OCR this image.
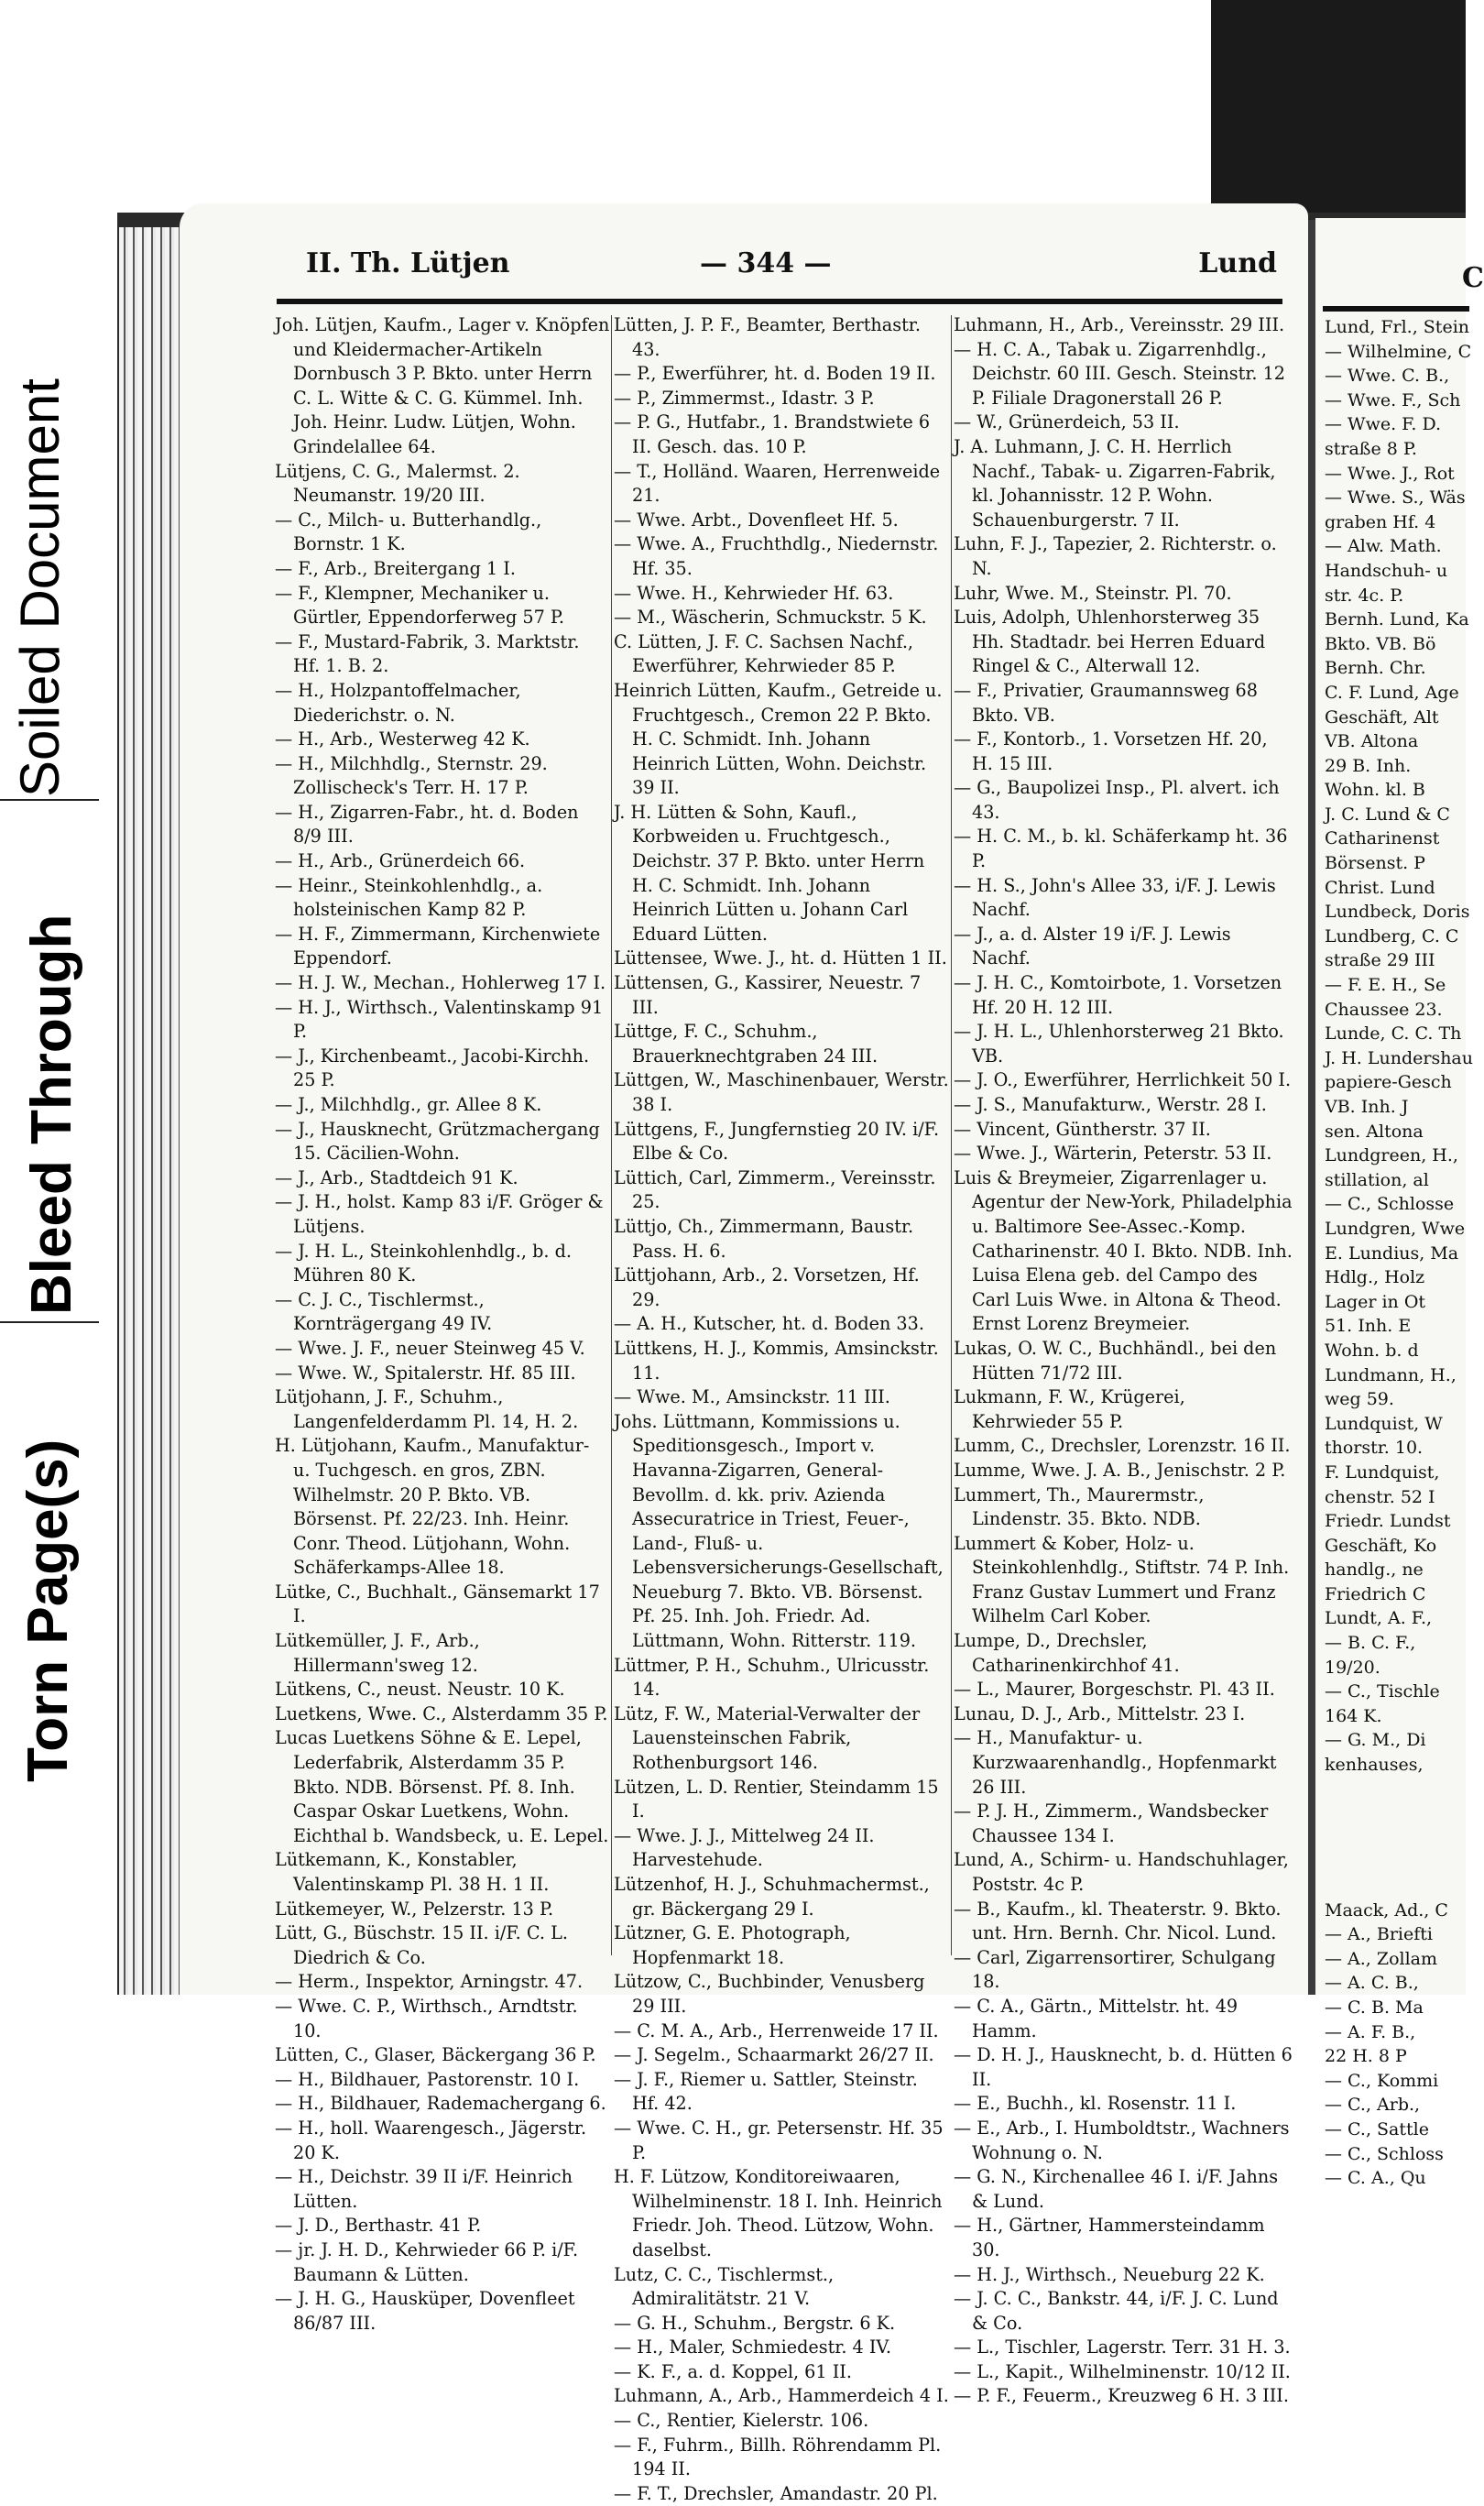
Torn Page(s)
Bleed Through
Soiled Document
II. Th. Lütjen	— 344 —	Lund
Joh. Lütjen, Kaufm., Lager v. Knöpfen und Kleidermacher-Artikeln Dornbusch 3 P. Bkto. unter Herrn C. L. Witte & C. G. Kümmel. Inh. Joh. Heinr. Ludw. Lütjen, Wohn. Grindelallee 64.
Lütjens, C. G., Malermst. 2. Neumanstr. 19/20 III.
— C., Milch- u. Butterhandlg., Bornstr. 1 K.
— F., Arb., Breitergang 1 I.
— F., Klempner, Mechaniker u. Gürtler, Eppendorferweg 57 P.
— F., Mustard-Fabrik, 3. Marktstr. Hf. 1. B. 2.
— H., Holzpantoffelmacher, Diederichstr. o. N.
— H., Arb., Westerweg 42 K.
— H., Milchhdlg., Sternstr. 29. Zollischeck's Terr. H. 17 P.
— H., Zigarren-Fabr., ht. d. Boden 8/9 III.
— H., Arb., Grünerdeich 66.
— Heinr., Steinkohlenhdlg., a. holsteinischen Kamp 82 P.
— H. F., Zimmermann, Kirchenwiete Eppendorf.
— H. J. W., Mechan., Hohlerweg 17 I.
— H. J., Wirthsch., Valentinskamp 91 P.
— J., Kirchenbeamt., Jacobi-Kirchh. 25 P.
— J., Milchhdlg., gr. Allee 8 K.
— J., Hausknecht, Grützmachergang 15. Cäcilien-Wohn.
— J., Arb., Stadtdeich 91 K.
— J. H., holst. Kamp 83 i/F. Gröger & Lütjens.
— J. H. L., Steinkohlenhdlg., b. d. Mühren 80 K.
— C. J. C., Tischlermst., Kornträgergang 49 IV.
— Wwe. J. F., neuer Steinweg 45 V.
— Wwe. W., Spitalerstr. Hf. 85 III.
Lütjohann, J. F., Schuhm., Langenfelderdamm Pl. 14, H. 2.
H. Lütjohann, Kaufm., Manufaktur- u. Tuchgesch. en gros, ZBN. Wilhelmstr. 20 P. Bkto. VB. Börsenst. Pf. 22/23. Inh. Heinr. Conr. Theod. Lütjohann, Wohn. Schäferkamps-Allee 18.
Lütke, C., Buchhalt., Gänsemarkt 17 I.
Lütkemüller, J. F., Arb., Hillermann'sweg 12.
Lütkens, C., neust. Neustr. 10 K.
Luetkens, Wwe. C., Alsterdamm 35 P.
Lucas Luetkens Söhne & E. Lepel, Lederfabrik, Alsterdamm 35 P. Bkto. NDB. Börsenst. Pf. 8. Inh. Caspar Oskar Luetkens, Wohn. Eichthal b. Wandsbeck, u. E. Lepel.
Lütkemann, K., Konstabler, Valentinskamp Pl. 38 H. 1 II.
Lütkemeyer, W., Pelzerstr. 13 P.
Lütt, G., Büschstr. 15 II. i/F. C. L. Diedrich & Co.
— Herm., Inspektor, Arningstr. 47.
— Wwe. C. P., Wirthsch., Arndtstr. 10.
Lütten, C., Glaser, Bäckergang 36 P.
— H., Bildhauer, Pastorenstr. 10 I.
— H., Bildhauer, Rademachergang 6.
— H., holl. Waarengesch., Jägerstr. 20 K.
— H., Deichstr. 39 II i/F. Heinrich Lütten.
— J. D., Berthastr. 41 P.
— jr. J. H. D., Kehrwieder 66 P. i/F. Baumann & Lütten.
— J. H. G., Hausküper, Dovenfleet 86/87 III.
Lütten, J. P. F., Beamter, Berthastr. 43.
— P., Ewerführer, ht. d. Boden 19 II.
— P., Zimmermst., Idastr. 3 P.
— P. G., Hutfabr., 1. Brandstwiete 6 II. Gesch. das. 10 P.
— T., Holländ. Waaren, Herrenweide 21.
— Wwe. Arbt., Dovenfleet Hf. 5.
— Wwe. A., Fruchthdlg., Niedernstr. Hf. 35.
— Wwe. H., Kehrwieder Hf. 63.
— M., Wäscherin, Schmuckstr. 5 K.
C. Lütten, J. F. C. Sachsen Nachf., Ewerführer, Kehrwieder 85 P.
Heinrich Lütten, Kaufm., Getreide u. Fruchtgesch., Cremon 22 P. Bkto. H. C. Schmidt. Inh. Johann Heinrich Lütten, Wohn. Deichstr. 39 II.
J. H. Lütten & Sohn, Kaufl., Korbweiden u. Fruchtgesch., Deichstr. 37 P. Bkto. unter Herrn H. C. Schmidt. Inh. Johann Heinrich Lütten u. Johann Carl Eduard Lütten.
Lüttensee, Wwe. J., ht. d. Hütten 1 II.
Lüttensen, G., Kassirer, Neuestr. 7 III.
Lüttge, F. C., Schuhm., Brauerknechtgraben 24 III.
Lüttgen, W., Maschinenbauer, Werstr. 38 I.
Lüttgens, F., Jungfernstieg 20 IV. i/F. Elbe & Co.
Lüttich, Carl, Zimmerm., Vereinsstr. 25.
Lüttjo, Ch., Zimmermann, Baustr. Pass. H. 6.
Lüttjohann, Arb., 2. Vorsetzen, Hf. 29.
— A. H., Kutscher, ht. d. Boden 33.
Lüttkens, H. J., Kommis, Amsinckstr. 11.
— Wwe. M., Amsinckstr. 11 III.
Johs. Lüttmann, Kommissions u. Speditionsgesch., Import v. Havanna-Zigarren, General-Bevollm. d. kk. priv. Azienda Assecuratrice in Triest, Feuer-, Land-, Fluß- u. Lebensversicherungs-Gesellschaft, Neueburg 7. Bkto. VB. Börsenst. Pf. 25. Inh. Joh. Friedr. Ad. Lüttmann, Wohn. Ritterstr. 119.
Lüttmer, P. H., Schuhm., Ulricusstr. 14.
Lütz, F. W., Material-Verwalter der Lauensteinschen Fabrik, Rothenburgsort 146.
Lützen, L. D. Rentier, Steindamm 15 I.
— Wwe. J. J., Mittelweg 24 II. Harvestehude.
Lützenhof, H. J., Schuhmachermst., gr. Bäckergang 29 I.
Lützner, G. E. Photograph, Hopfenmarkt 18.
Lützow, C., Buchbinder, Venusberg 29 III.
— C. M. A., Arb., Herrenweide 17 II.
— J. Segelm., Schaarmarkt 26/27 II.
— J. F., Riemer u. Sattler, Steinstr. Hf. 42.
— Wwe. C. H., gr. Petersenstr. Hf. 35 P.
H. F. Lützow, Konditoreiwaaren, Wilhelminenstr. 18 I. Inh. Heinrich Friedr. Joh. Theod. Lützow, Wohn. daselbst.
Lutz, C. C., Tischlermst., Admiralitätstr. 21 V.
— G. H., Schuhm., Bergstr. 6 K.
— H., Maler, Schmiedestr. 4 IV.
— K. F., a. d. Koppel, 61 II.
Luhmann, A., Arb., Hammerdeich 4 I.
— C., Rentier, Kielerstr. 106.
— F., Fuhrm., Billh. Röhrendamm Pl. 194 II.
— F. T., Drechsler, Amandastr. 20 Pl.
Luhmann, H., Arb., Vereinsstr. 29 III.
— H. C. A., Tabak u. Zigarrenhdlg., Deichstr. 60 III. Gesch. Steinstr. 12 P. Filiale Dragonerstall 26 P.
— W., Grünerdeich, 53 II.
J. A. Luhmann, J. C. H. Herrlich Nachf., Tabak- u. Zigarren-Fabrik, kl. Johannisstr. 12 P. Wohn. Schauenburgerstr. 7 II.
Luhn, F. J., Tapezier, 2. Richterstr. o. N.
Luhr, Wwe. M., Steinstr. Pl. 70.
Luis, Adolph, Uhlenhorsterweg 35 Hh. Stadtadr. bei Herren Eduard Ringel & C., Alterwall 12.
— F., Privatier, Graumannsweg 68 Bkto. VB.
— F., Kontorb., 1. Vorsetzen Hf. 20, H. 15 III.
— G., Baupolizei Insp., Pl. alvert. ich 43.
— H. C. M., b. kl. Schäferkamp ht. 36 P.
— H. S., John's Allee 33, i/F. J. Lewis Nachf.
— J., a. d. Alster 19 i/F. J. Lewis Nachf.
— J. H. C., Komtoirbote, 1. Vorsetzen Hf. 20 H. 12 III.
— J. H. L., Uhlenhorsterweg 21 Bkto. VB.
— J. O., Ewerführer, Herrlichkeit 50 I.
— J. S., Manufakturw., Werstr. 28 I.
— Vincent, Güntherstr. 37 II.
— Wwe. J., Wärterin, Peterstr. 53 II.
Luis & Breymeier, Zigarrenlager u. Agentur der New-York, Philadelphia u. Baltimore See-Assec.-Komp. Catharinenstr. 40 I. Bkto. NDB. Inh. Luisa Elena geb. del Campo des Carl Luis Wwe. in Altona & Theod. Ernst Lorenz Breymeier.
Lukas, O. W. C., Buchhändl., bei den Hütten 71/72 III.
Lukmann, F. W., Krügerei, Kehrwieder 55 P.
Lumm, C., Drechsler, Lorenzstr. 16 II.
Lumme, Wwe. J. A. B., Jenischstr. 2 P.
Lummert, Th., Maurermstr., Lindenstr. 35. Bkto. NDB.
Lummert & Kober, Holz- u. Steinkohlenhdlg., Stiftstr. 74 P. Inh. Franz Gustav Lummert und Franz Wilhelm Carl Kober.
Lumpe, D., Drechsler, Catharinenkirchhof 41.
— L., Maurer, Borgeschstr. Pl. 43 II.
Lunau, D. J., Arb., Mittelstr. 23 I.
— H., Manufaktur- u. Kurzwaarenhandlg., Hopfenmarkt 26 III.
— P. J. H., Zimmerm., Wandsbecker Chaussee 134 I.
Lund, A., Schirm- u. Handschuhlager, Poststr. 4c P.
— B., Kaufm., kl. Theaterstr. 9. Bkto. unt. Hrn. Bernh. Chr. Nicol. Lund.
— Carl, Zigarrensortirer, Schulgang 18.
— C. A., Gärtn., Mittelstr. ht. 49 Hamm.
— D. H. J., Hausknecht, b. d. Hütten 6 II.
— E., Buchh., kl. Rosenstr. 11 I.
— E., Arb., I. Humboldtstr., Wachners Wohnung o. N.
— G. N., Kirchenallee 46 I. i/F. Jahns & Lund.
— H., Gärtner, Hammersteindamm 30.
— H. J., Wirthsch., Neueburg 22 K.
— J. C. C., Bankstr. 44, i/F. J. C. Lund & Co.
— L., Tischler, Lagerstr. Terr. 31 H. 3.
— L., Kapit., Wilhelminenstr. 10/12 II.
— P. F., Feuerm., Kreuzweg 6 H. 3 III.
C
Lund, Frl., Stein
— Wilhelmine, C
— Wwe. C. B.,
— Wwe. F., Sch
— Wwe. F. D.
straße 8 P.
— Wwe. J., Rot
— Wwe. S., Wäs
graben Hf. 4
— Alw. Math.
Handschuh- u
str. 4c. P.
Bernh. Lund, Ka
Bkto. VB. Bö
Bernh. Chr.
C. F. Lund, Age
Geschäft, Alt
VB. Altona
29 B. Inh.
Wohn. kl. B
J. C. Lund & C
Catharinenst
Börsenst. P
Christ. Lund
Lundbeck, Doris
Lundberg, C. C
straße 29 III
— F. E. H., Se
Chaussee 23.
Lunde, C. C. Th
J. H. Lundershau
papiere-Gesch
VB. Inh. J
sen. Altona
Lundgreen, H.,
stillation, al
— C., Schlosse
Lundgren, Wwe
E. Lundius, Ma
Hdlg., Holz
Lager in Ot
51. Inh. E
Wohn. b. d
Lundmann, H.,
weg 59.
Lundquist, W
thorstr. 10.
F. Lundquist,
chenstr. 52 I
Friedr. Lundst
Geschäft, Ko
handlg., ne
Friedrich C
Lundt, A. F.,
— B. C. F.,
19/20.
— C., Tischle
164 K.
— G. M., Di
kenhauses,
Maack, Ad., C
— A., Briefti
— A., Zollam
— A. C. B.,
— C. B. Ma
— A. F. B.,
22 H. 8 P
— C., Kommi
— C., Arb.,
— C., Sattle
— C., Schloss
— C. A., Qu
